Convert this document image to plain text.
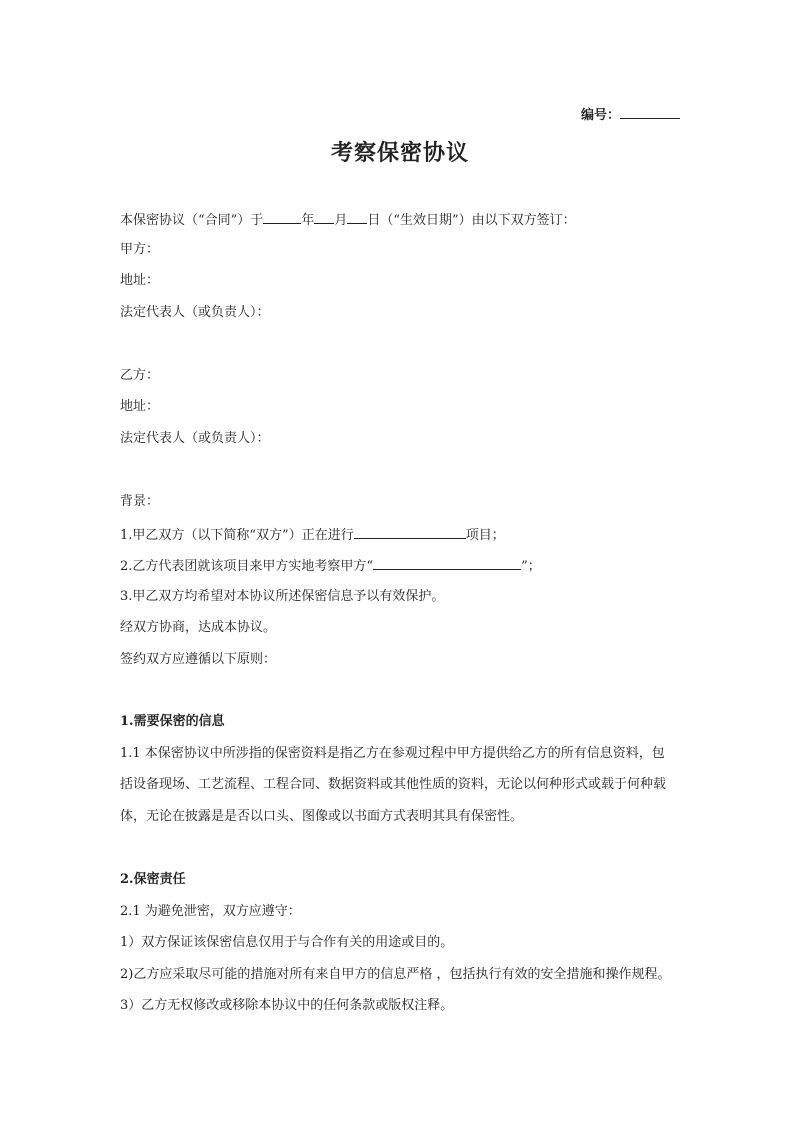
编号：
考察保密协议
本保密协议（“合同”）于	年 月 日（“生效日期”）由以下双方签订：
甲方：
地址：
法定代表人（或负责人）：
乙方：
地址：
法定代表人（或负责人）：
背景：
1.甲乙双方（以下简称“双方”）正在进行	项目；
2.乙方代表团就该项目来甲方实地考察甲方“	”；
3.甲乙双方均希望对本协议所述保密信息予以有效保护。
经双方协商，达成本协议。
签约双方应遵循以下原则：
1.需要保密的信息
1.1 本保密协议中所涉指的保密资料是指乙方在参观过程中甲方提供给乙方的所有信息资料，包
括设备现场、工艺流程、工程合同、数据资料或其他性质的资料，无论以何种形式或载于何种载
体，无论在披露是是否以口头、图像或以书面方式表明其具有保密性。
2.保密责任
2.1 为避免泄密，双方应遵守：
1）双方保证该保密信息仅用于与合作有关的用途或目的。
2)乙方应采取尽可能的措施对所有来自甲方的信息严格 ，包括执行有效的安全措施和操作规程。
3）乙方无权修改或移除本协议中的任何条款或版权注释。
